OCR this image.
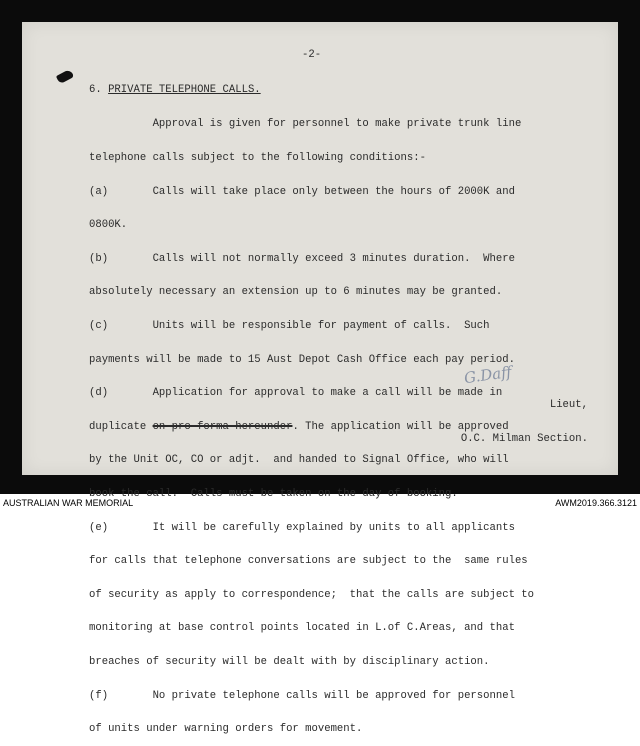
-2-
6. PRIVATE TELEPHONE CALLS.

Approval is given for personnel to make private trunk line

telephone calls subject to the following conditions:-

(a)       Calls will take place only between the hours of 2000K and

0800K.

(b)       Calls will not normally exceed 3 minutes duration.  Where

absolutely necessary an extension up to 6 minutes may be granted.

(c)       Units will be responsible for payment of calls.  Such

payments will be made to 15 Aust Depot Cash Office each pay period.

(d)       Application for approval to make a call will be made in

duplicate on pro forma hereunder. The application will be approved

by the Unit OC, CO or adjt.  and handed to Signal Office, who will

book the call.  Calls must be taken on the day of booking.

(e)       It will be carefully explained by units to all applicants

for calls that telephone conversations are subject to the  same rules

of security as apply to correspondence;  that the calls are subject to

monitoring at base control points located in L.of C.Areas, and that

breaches of security will be dealt with by disciplinary action.

(f)       No private telephone calls will be approved for personnel

of units under warning orders for movement.

G.Daff

Lieut,

O.C. Milman Section.

AUSTRALIAN WAR MEMORIAL	AWM2019.366.3121
